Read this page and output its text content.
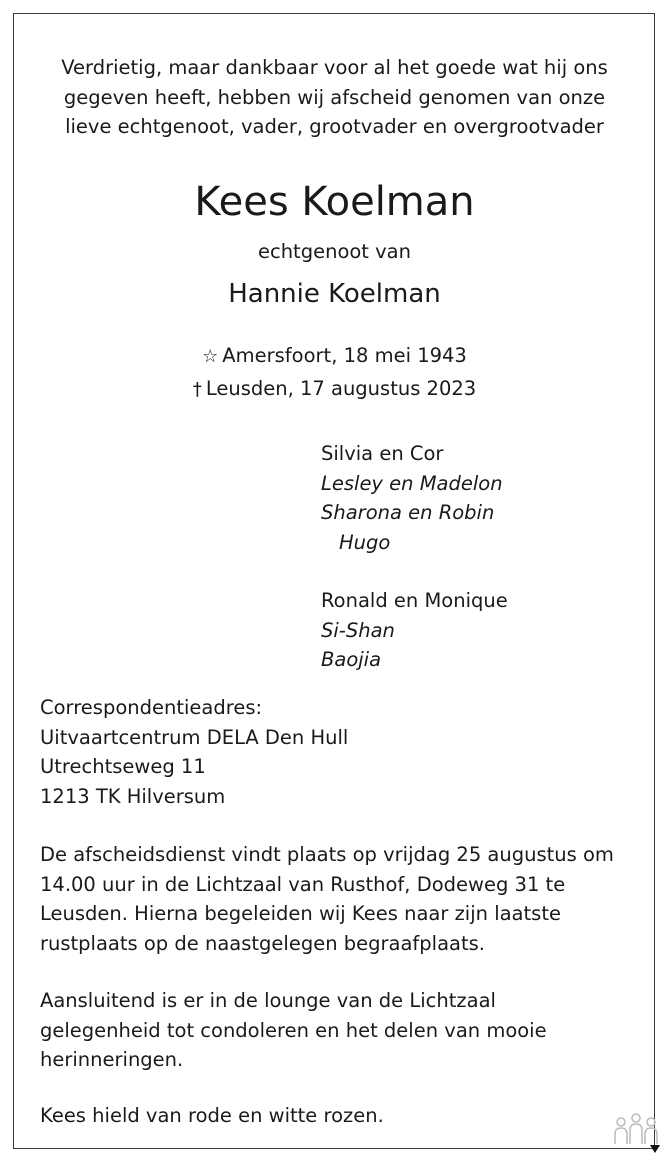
Verdrietig, maar dankbaar voor al het goede wat hij ons
gegeven heeft, hebben wij afscheid genomen van onze
lieve echtgenoot, vader, grootvader en overgrootvader
Kees Koelman
echtgenoot van
Hannie Koelman
☆ Amersfoort, 18 mei 1943
† Leusden, 17 augustus 2023
Silvia en Cor
Lesley en Madelon
Sharona en Robin
Hugo
Ronald en Monique
Si-Shan
Baojia
Correspondentieadres:
Uitvaartcentrum DELA Den Hull
Utrechtseweg 11
1213 TK Hilversum
De afscheidsdienst vindt plaats op vrijdag 25 augustus om
14.00 uur in de Lichtzaal van Rusthof, Dodeweg 31 te
Leusden. Hierna begeleiden wij Kees naar zijn laatste
rustplaats op de naastgelegen begraafplaats.
Aansluitend is er in de lounge van de Lichtzaal
gelegenheid tot condoleren en het delen van mooie
herinneringen.
Kees hield van rode en witte rozen.
